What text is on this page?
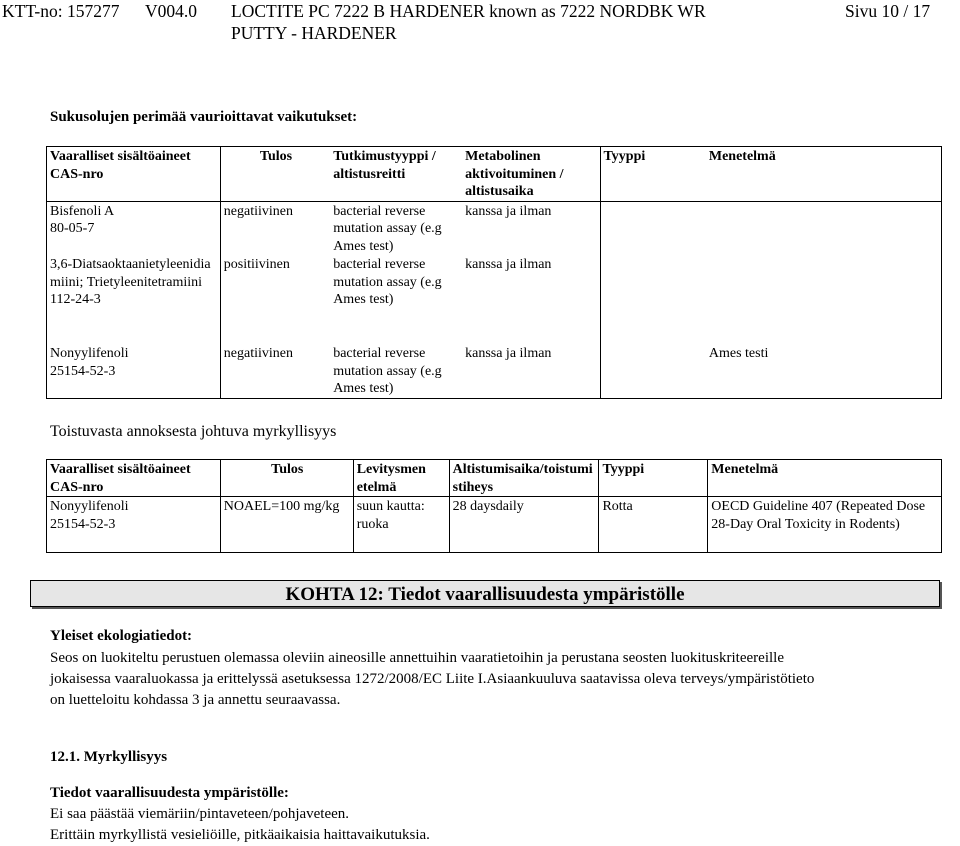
KTT-no: 157277 V004.0 LOCTITE PC 7222 B HARDENER known as 7222 NORDBK WR
PUTTY - HARDENER
Sivu 10 / 17
Sukusolujen perimää vaurioittavat vaikutukset:
Vaaralliset sisältöaineet
CAS-nro	Tulos	Tutkimustyyppi / altistusreitti	Metabolinen aktivoituminen / altistusaika	Tyyppi	Menetelmä

Bisfenoli A
80-05-7	negatiivinen	bacterial reverse mutation assay (e.g Ames test)	kanssa ja ilman		

3,6-Diatsaoktaanietyleenidiamiini; Trietyleenitetramiini
112-24-3	positiivinen	bacterial reverse mutation assay (e.g Ames test)	kanssa ja ilman		

Nonyylifenoli
25154-52-3	negatiivinen	bacterial reverse mutation assay (e.g Ames test)	kanssa ja ilman		Ames testi
Toistuvasta annoksesta johtuva myrkyllisyys
Vaaralliset sisältöaineet
CAS-nro	Tulos	Levitysmen etelmä	Altistumisaika/toistumistiheys	Tyyppi	Menetelmä

Nonyylifenoli
25154-52-3	NOAEL=100 mg/kg	suun kautta: ruoka	28 daysdaily	Rotta	OECD Guideline 407 (Repeated Dose 28-Day Oral Toxicity in Rodents)
KOHTA 12: Tiedot vaarallisuudesta ympäristölle
Yleiset ekologiatiedot:
Seos on luokiteltu perustuen olemassa oleviin aineosille annettuihin vaaratietoihin ja perustana seosten luokituskriteereille
jokaisessa vaaraluokassa ja erittelyssä asetuksessa 1272/2008/EC Liite I.Asiaankuuluva saatavissa oleva terveys/ympäristötieto
on luetteloitu kohdassa 3 ja annettu seuraavassa.
12.1. Myrkyllisyys
Tiedot vaarallisuudesta ympäristölle:
Ei saa päästää viemäriin/pintaveteen/pohjaveteen.
Erittäin myrkyllistä vesieliöille, pitkäaikaisia haittavaikutuksia.
